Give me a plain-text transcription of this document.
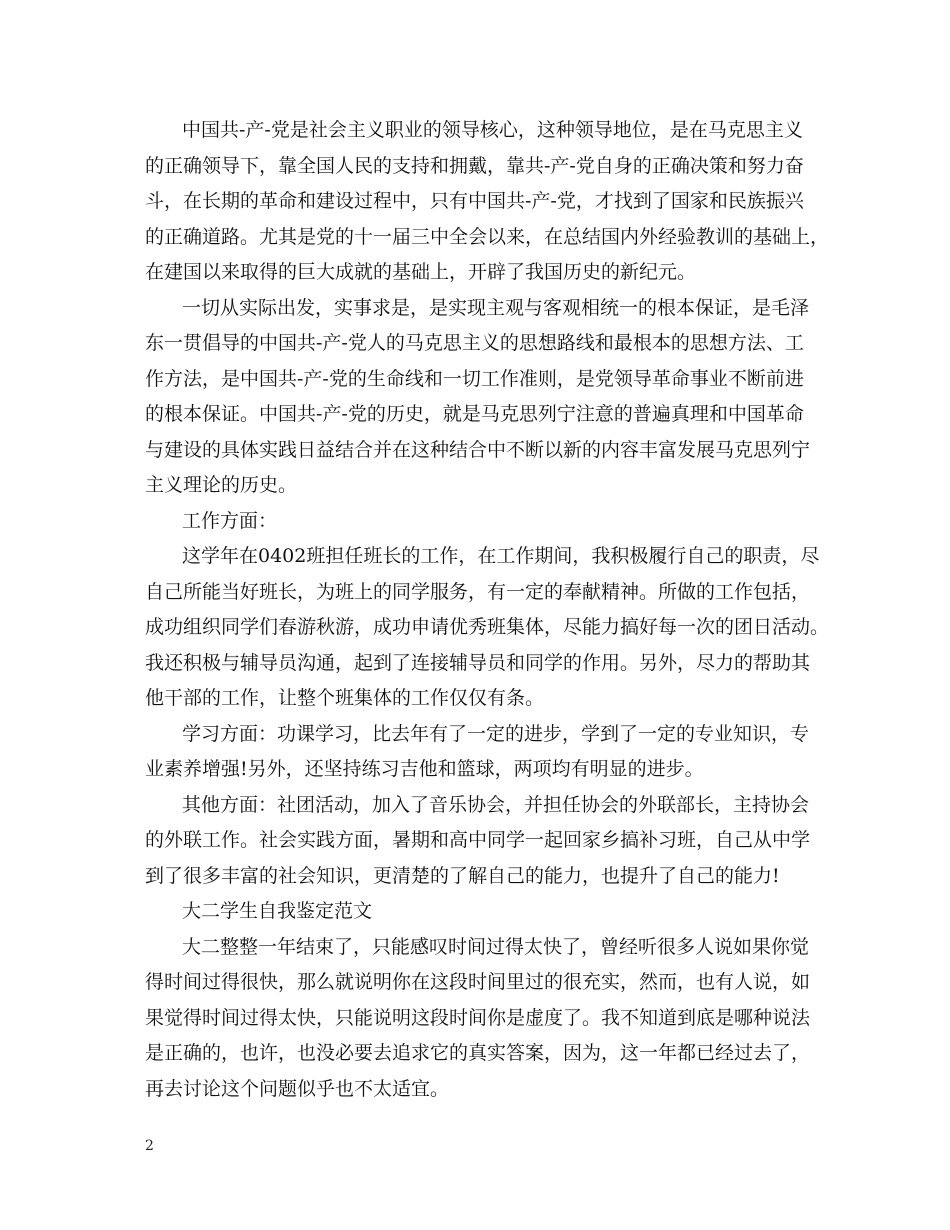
中国共-产-党是社会主义职业的领导核心，这种领导地位，是在马克思主义
的正确领导下，靠全国人民的支持和拥戴，靠共-产-党自身的正确决策和努力奋
斗，在长期的革命和建设过程中，只有中国共-产-党，才找到了国家和民族振兴
的正确道路。尤其是党的十一届三中全会以来，在总结国内外经验教训的基础上，
在建国以来取得的巨大成就的基础上，开辟了我国历史的新纪元。

一切从实际出发，实事求是，是实现主观与客观相统一的根本保证，是毛泽
东一贯倡导的中国共-产-党人的马克思主义的思想路线和最根本的思想方法、工
作方法，是中国共-产-党的生命线和一切工作准则，是党领导革命事业不断前进
的根本保证。中国共-产-党的历史，就是马克思列宁注意的普遍真理和中国革命
与建设的具体实践日益结合并在这种结合中不断以新的内容丰富发展马克思列宁
主义理论的历史。

工作方面：

这学年在0402班担任班长的工作，在工作期间，我积极履行自己的职责，尽
自己所能当好班长，为班上的同学服务，有一定的奉献精神。所做的工作包括，
成功组织同学们春游秋游，成功申请优秀班集体，尽能力搞好每一次的团日活动。
我还积极与辅导员沟通，起到了连接辅导员和同学的作用。另外，尽力的帮助其
他干部的工作，让整个班集体的工作仅仅有条。

学习方面：功课学习，比去年有了一定的进步，学到了一定的专业知识，专
业素养增强!另外，还坚持练习吉他和篮球，两项均有明显的进步。

其他方面：社团活动，加入了音乐协会，并担任协会的外联部长，主持协会
的外联工作。社会实践方面，暑期和高中同学一起回家乡搞补习班，自己从中学
到了很多丰富的社会知识，更清楚的了解自己的能力，也提升了自己的能力!

大二学生自我鉴定范文

大二整整一年结束了，只能感叹时间过得太快了，曾经听很多人说如果你觉
得时间过得很快，那么就说明你在这段时间里过的很充实，然而，也有人说，如
果觉得时间过得太快，只能说明这段时间你是虚度了。我不知道到底是哪种说法
是正确的，也许，也没必要去追求它的真实答案，因为，这一年都已经过去了，
再去讨论这个问题似乎也不太适宜。

2
